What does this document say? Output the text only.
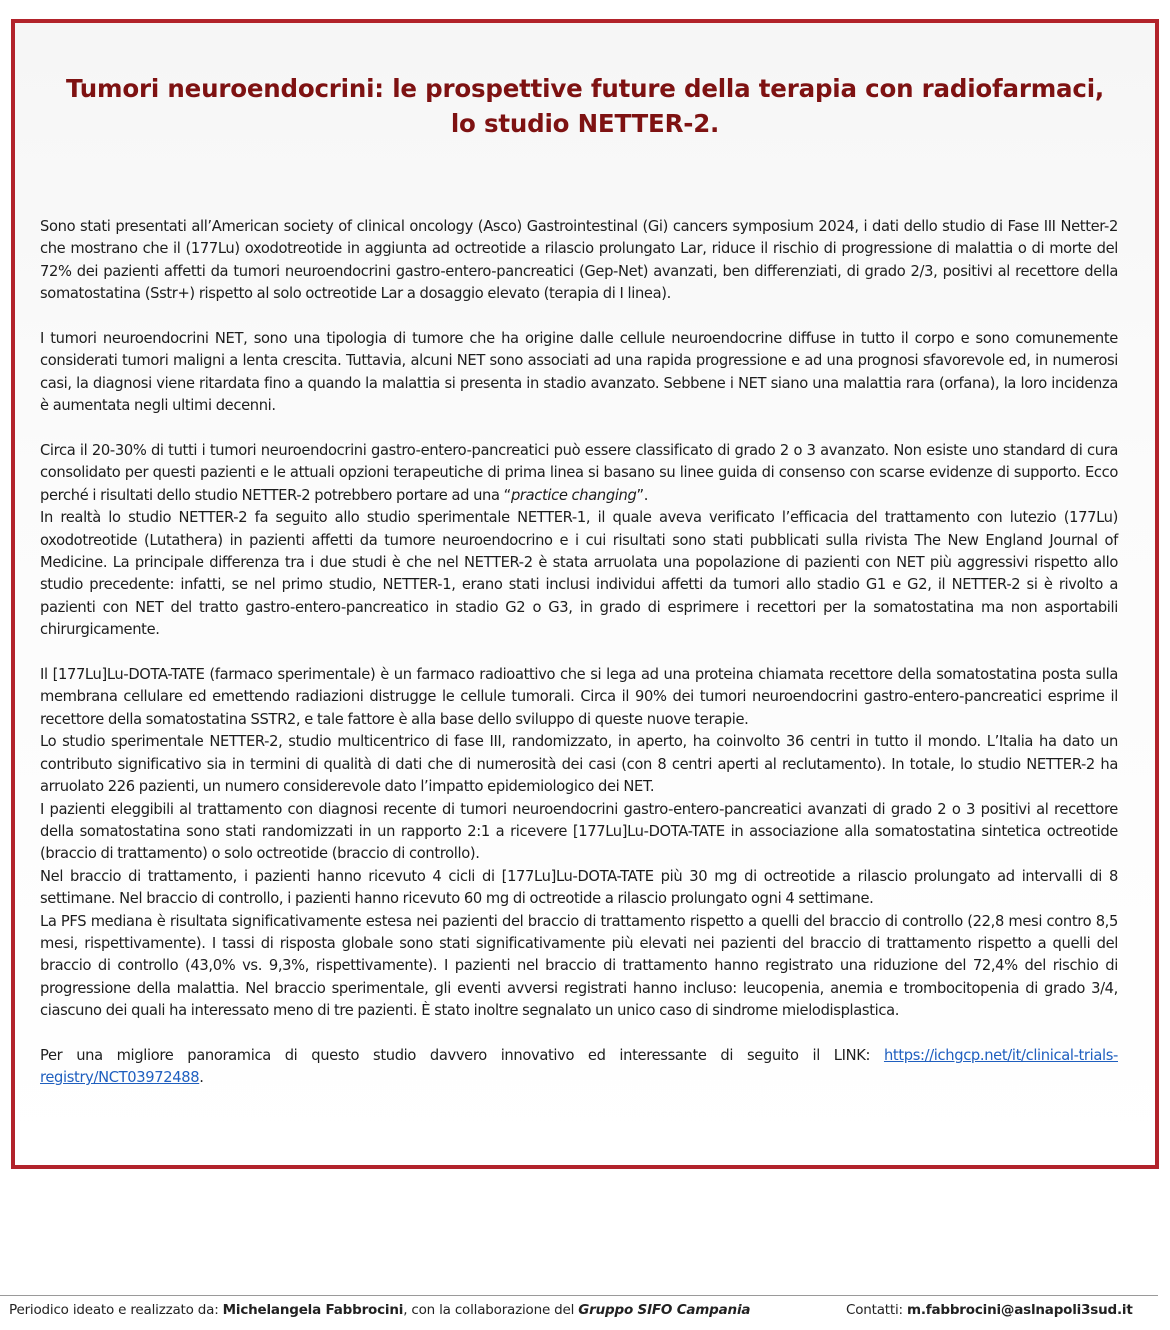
Tumori neuroendocrini: le prospettive future della terapia con radiofarmaci,
lo studio NETTER-2.

Sono stati presentati all’American society of clinical oncology (Asco) Gastrointestinal (Gi) cancers symposium 2024, i dati dello studio di Fase III Netter-2 che mostrano che il (177Lu) oxodotreotide in aggiunta ad octreotide a rilascio prolungato Lar, riduce il rischio di progressione di malattia o di morte del 72% dei pazienti affetti da tumori neuroendocrini gastro-entero-pancreatici (Gep-Net) avanzati, ben differenziati, di grado 2/3, positivi al recettore della somatostatina (Sstr+) rispetto al solo octreotide Lar a dosaggio elevato (terapia di I linea).

I tumori neuroendocrini NET, sono una tipologia di tumore che ha origine dalle cellule neuroendocrine diffuse in tutto il corpo e sono comunemente considerati tumori maligni a lenta crescita. Tuttavia, alcuni NET sono associati ad una rapida progressione e ad una prognosi sfavorevole ed, in numerosi casi, la diagnosi viene ritardata fino a quando la malattia si presenta in stadio avanzato. Sebbene i NET siano una malattia rara (orfana), la loro incidenza è aumentata negli ultimi decenni.

Circa il 20-30% di tutti i tumori neuroendocrini gastro-entero-pancreatici può essere classificato di grado 2 o 3 avanzato. Non esiste uno standard di cura consolidato per questi pazienti e le attuali opzioni terapeutiche di prima linea si basano su linee guida di consenso con scarse evidenze di supporto. Ecco perché i risultati dello studio NETTER-2 potrebbero portare ad una “practice changing”.

In realtà lo studio NETTER-2 fa seguito allo studio sperimentale NETTER-1, il quale aveva verificato l’efficacia del trattamento con lutezio (177Lu) oxodotreotide (Lutathera) in pazienti affetti da tumore neuroendocrino e i cui risultati sono stati pubblicati sulla rivista The New England Journal of Medicine. La principale differenza tra i due studi è che nel NETTER-2 è stata arruolata una popolazione di pazienti con NET più aggressivi rispetto allo studio precedente: infatti, se nel primo studio, NETTER-1, erano stati inclusi individui affetti da tumori allo stadio G1 e G2, il NETTER-2 si è rivolto a pazienti con NET del tratto gastro-entero-pancreatico in stadio G2 o G3, in grado di esprimere i recettori per la somatostatina ma non asportabili chirurgicamente.

Il [177Lu]Lu-DOTA-TATE (farmaco sperimentale) è un farmaco radioattivo che si lega ad una proteina chiamata recettore della somatostatina posta sulla membrana cellulare ed emettendo radiazioni distrugge le cellule tumorali. Circa il 90% dei tumori neuroendocrini gastro-entero-pancreatici esprime il recettore della somatostatina SSTR2, e tale fattore è alla base dello sviluppo di queste nuove terapie.

Lo studio sperimentale NETTER-2, studio multicentrico di fase III, randomizzato, in aperto, ha coinvolto 36 centri in tutto il mondo. L’Italia ha dato un contributo significativo sia in termini di qualità di dati che di numerosità dei casi (con 8 centri aperti al reclutamento). In totale, lo studio NETTER-2 ha arruolato 226 pazienti, un numero considerevole dato l’impatto epidemiologico dei NET.

I pazienti eleggibili al trattamento con diagnosi recente di tumori neuroendocrini gastro-entero-pancreatici avanzati di grado 2 o 3 positivi al recettore della somatostatina sono stati randomizzati in un rapporto 2:1 a ricevere [177Lu]Lu-DOTA-TATE in associazione alla somatostatina sintetica octreotide (braccio di trattamento) o solo octreotide (braccio di controllo).

Nel braccio di trattamento, i pazienti hanno ricevuto 4 cicli di [177Lu]Lu-DOTA-TATE più 30 mg di octreotide a rilascio prolungato ad intervalli di 8 settimane. Nel braccio di controllo, i pazienti hanno ricevuto 60 mg di octreotide a rilascio prolungato ogni 4 settimane.

La PFS mediana è risultata significativamente estesa nei pazienti del braccio di trattamento rispetto a quelli del braccio di controllo (22,8 mesi contro 8,5 mesi, rispettivamente). I tassi di risposta globale sono stati significativamente più elevati nei pazienti del braccio di trattamento rispetto a quelli del braccio di controllo (43,0% vs. 9,3%, rispettivamente). I pazienti nel braccio di trattamento hanno registrato una riduzione del 72,4% del rischio di progressione della malattia. Nel braccio sperimentale, gli eventi avversi registrati hanno incluso: leucopenia, anemia e trombocitopenia di grado 3/4, ciascuno dei quali ha interessato meno di tre pazienti. È stato inoltre segnalato un unico caso di sindrome mielodisplastica.

Per una migliore panoramica di questo studio davvero innovativo ed interessante di seguito il LINK: https://ichgcp.net/it/clinical-trials-registry/NCT03972488.

Periodico ideato e realizzato da: Michelangela Fabbrocini, con la collaborazione del Gruppo SIFO Campania	Contatti: m.fabbrocini@aslnapoli3sud.it
